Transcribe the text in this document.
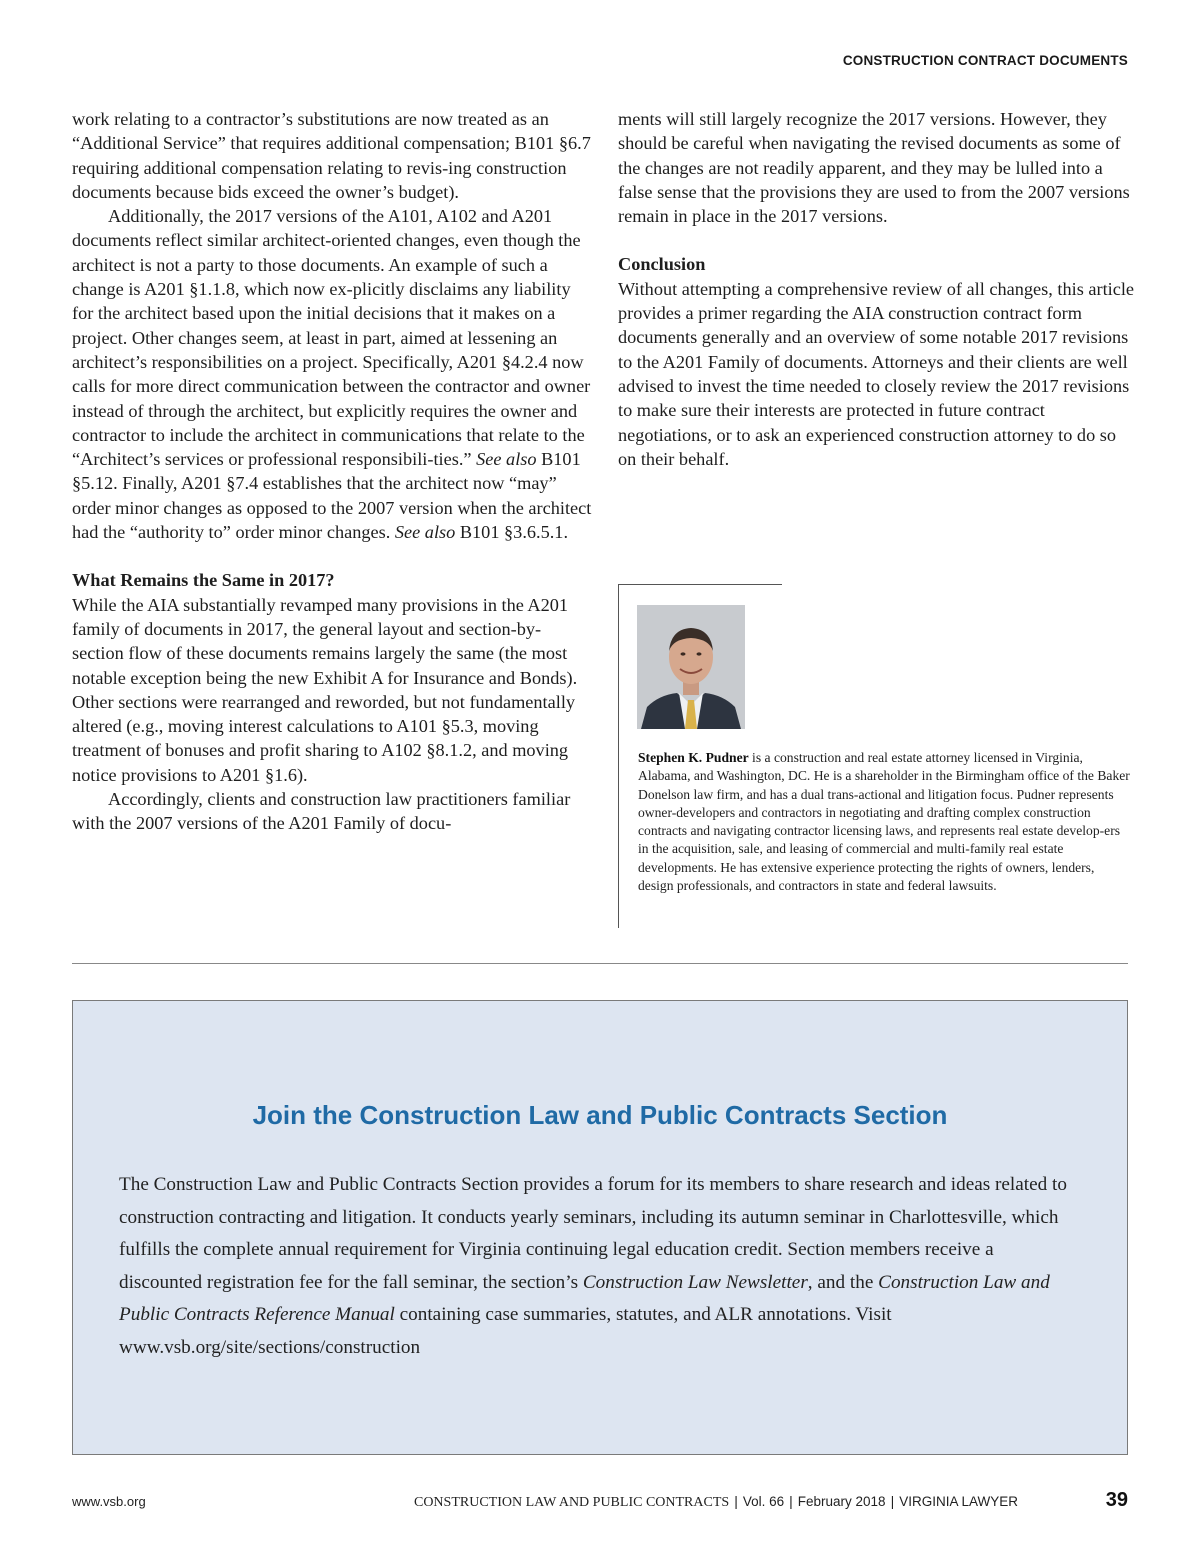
CONSTRUCTION CONTRACT DOCUMENTS

work relating to a contractor’s substitutions are now treated as an “Additional Service” that requires additional compensation; B101 §6.7 requiring additional compensation relating to revis-ing construction documents because bids exceed the owner’s budget).

Additionally, the 2017 versions of the A101, A102 and A201 documents reflect similar architect-oriented changes, even though the architect is not a party to those documents. An example of such a change is A201 §1.1.8, which now ex-plicitly disclaims any liability for the architect based upon the initial decisions that it makes on a project. Other changes seem, at least in part, aimed at lessening an architect’s responsibilities on a project. Specifically, A201 §4.2.4 now calls for more direct communication between the contractor and owner instead of through the architect, but explicitly requires the owner and contractor to include the architect in communications that relate to the “Architect’s services or professional responsibili-ties.” See also B101 §5.12. Finally, A201 §7.4 establishes that the architect now “may” order minor changes as opposed to the 2007 version when the architect had the “authority to” order minor changes. See also B101 §3.6.5.1.

What Remains the Same in 2017?

While the AIA substantially revamped many provisions in the A201 family of documents in 2017, the general layout and section-by-section flow of these documents remains largely the same (the most notable exception being the new Exhibit A for Insurance and Bonds). Other sections were rearranged and reworded, but not fundamentally altered (e.g., moving interest calculations to A101 §5.3, moving treatment of bonuses and profit sharing to A102 §8.1.2, and moving notice provisions to A201 §1.6).

Accordingly, clients and construction law practitioners familiar with the 2007 versions of the A201 Family of docu-

ments will still largely recognize the 2017 versions. However, they should be careful when navigating the revised documents as some of the changes are not readily apparent, and they may be lulled into a false sense that the provisions they are used to from the 2007 versions remain in place in the 2017 versions.

Conclusion

Without attempting a comprehensive review of all changes, this article provides a primer regarding the AIA construction contract form documents generally and an overview of some notable 2017 revisions to the A201 Family of documents. Attorneys and their clients are well advised to invest the time needed to closely review the 2017 revisions to make sure their interests are protected in future contract negotiations, or to ask an experienced construction attorney to do so on their behalf.

Stephen K. Pudner is a construction and real estate attorney licensed in Virginia, Alabama, and Washington, DC. He is a shareholder in the Birmingham office of the Baker Donelson law firm, and has a dual trans-actional and litigation focus. Pudner represents owner-developers and contractors in negotiating and drafting complex construction contracts and navigating contractor licensing laws, and represents real estate develop-ers in the acquisition, sale, and leasing of commercial and multi-family real estate developments. He has extensive experience protecting the rights of owners, lenders, design professionals, and contractors in state and federal lawsuits.
Join the Construction Law and Public Contracts Section
The Construction Law and Public Contracts Section provides a forum for its members to share research and ideas related to construction contracting and litigation. It conducts yearly seminars, including its autumn seminar in Charlottesville, which fulfills the complete annual requirement for Virginia continuing legal education credit. Section members receive a discounted registration fee for the fall seminar, the section’s Construction Law Newsletter, and the Construction Law and Public Contracts Reference Manual containing case summaries, statutes, and ALR annotations. Visit www.vsb.org/site/sections/construction
www.vsb.org	CONSTRUCTION LAW AND PUBLIC CONTRACTS | Vol. 66 | February 2018 | VIRGINIA LAWYER	39
